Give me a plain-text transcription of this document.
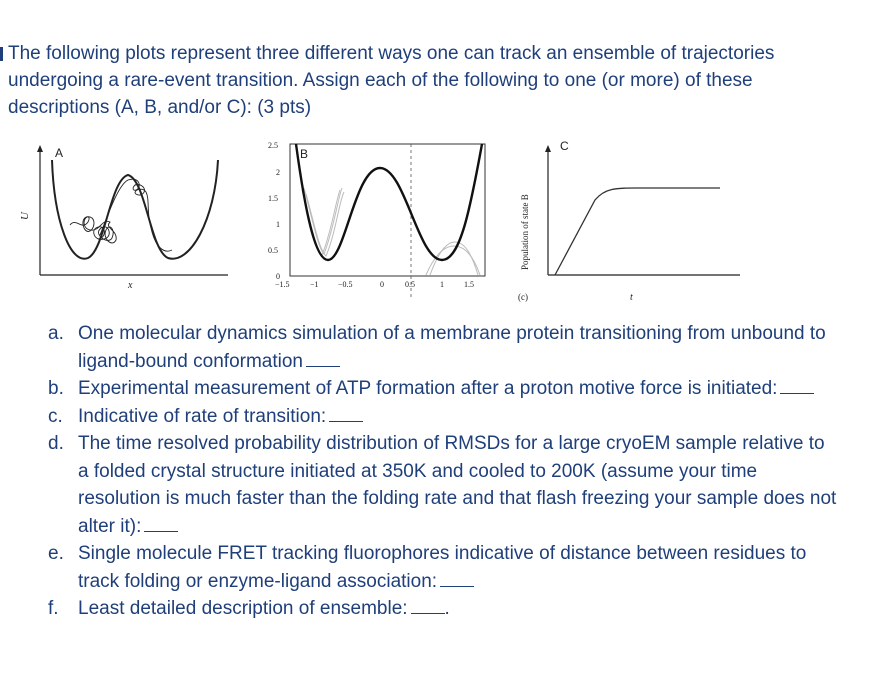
The following plots represent three different ways one can track an ensemble of trajectories undergoing a rare-event transition. Assign each of the following to one (or more) of these descriptions (A, B, and/or C): (3 pts)

A
U
x
B
2.5
2
1.5
1
0.5
0
−1.5	−1 −0.5	0	0.5	1	1.5
C
Population of state B
t
(c)
a. One molecular dynamics simulation of a membrane protein transitioning from unbound to ligand-bound conformation
b. Experimental measurement of ATP formation after a proton motive force is initiated:
c. Indicative of rate of transition:
d. The time resolved probability distribution of RMSDs for a large cryoEM sample relative to a folded crystal structure initiated at 350K and cooled to 200K (assume your time resolution is much faster than the folding rate and that flash freezing your sample does not alter it):
e. Single molecule FRET tracking fluorophores indicative of distance between residues to track folding or enzyme-ligand association:
f. Least detailed description of ensemble: .
